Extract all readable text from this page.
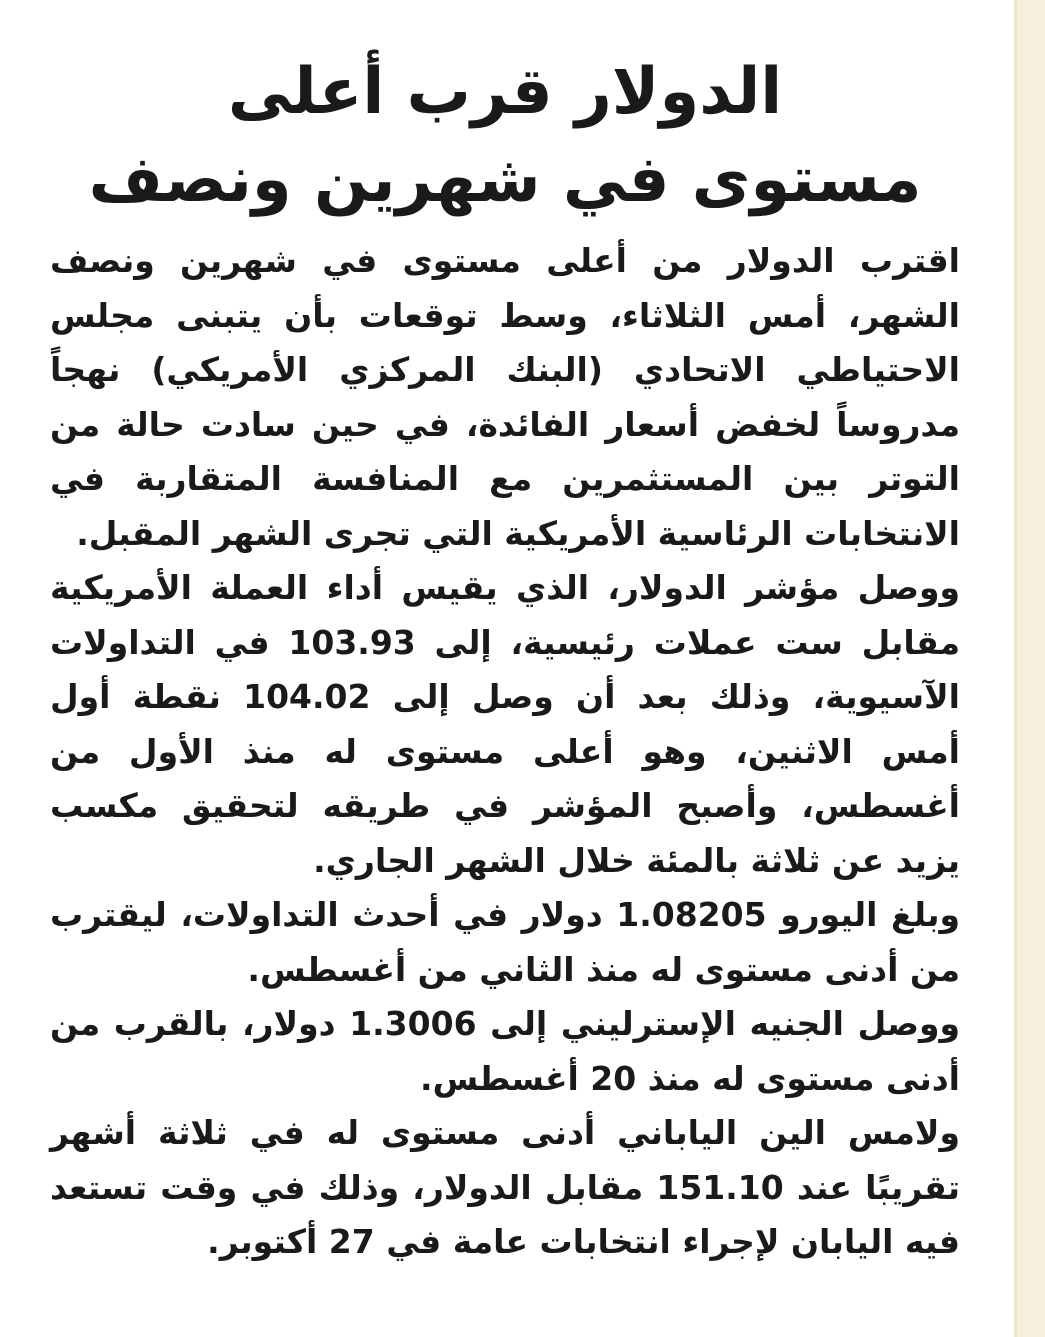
الدولار قرب أعلى
مستوى في شهرين ونصف

اقترب الدولار من أعلى مستوى في شهرين ونصف الشهر، أمس الثلاثاء، وسط توقعات بأن يتبنى مجلس الاحتياطي الاتحادي (البنك المركزي الأمريكي) نهجاً مدروساً لخفض أسعار الفائدة، في حين سادت حالة من التوتر بين المستثمرين مع المنافسة المتقاربة في الانتخابات الرئاسية الأمريكية التي تجرى الشهر المقبل.

ووصل مؤشر الدولار، الذي يقيس أداء العملة الأمريكية مقابل ست عملات رئيسية، إلى 103.93 في التداولات الآسيوية، وذلك بعد أن وصل إلى 104.02 نقطة أول أمس الاثنين، وهو أعلى مستوى له منذ الأول من أغسطس، وأصبح المؤشر في طريقه لتحقيق مكسب يزيد عن ثلاثة بالمئة خلال الشهر الجاري.

وبلغ اليورو 1.08205 دولار في أحدث التداولات، ليقترب من أدنى مستوى له منذ الثاني من أغسطس.

ووصل الجنيه الإسترليني إلى 1.3006 دولار، بالقرب من أدنى مستوى له منذ 20 أغسطس.

ولامس الين الياباني أدنى مستوى له في ثلاثة أشهر تقريبًا عند 151.10 مقابل الدولار، وذلك في وقت تستعد فيه اليابان لإجراء انتخابات عامة في 27 أكتوبر.
